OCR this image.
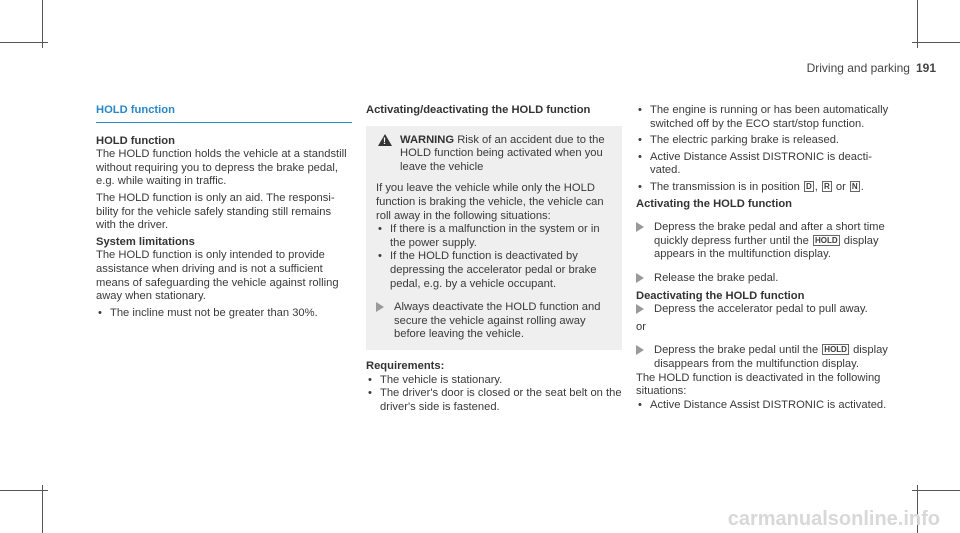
Driving and parking 191

HOLD function

HOLD function

The HOLD function holds the vehicle at a standstill without requiring you to depress the brake pedal, e.g. while waiting in traffic.

The HOLD function is only an aid. The responsibility for the vehicle safely standing still remains with the driver.

System limitations

The HOLD function is only intended to provide assistance when driving and is not a sufficient means of safeguarding the vehicle against rolling away when stationary.

• The incline must not be greater than 30%.

Activating/deactivating the HOLD function

!
WARNING Risk of an accident due to the HOLD function being activated when you leave the vehicle

If you leave the vehicle while only the HOLD function is braking the vehicle, the vehicle can roll away in the following situations:

• If there is a malfunction in the system or in the power supply.

• If the HOLD function is deactivated by depressing the accelerator pedal or brake pedal, e.g. by a vehicle occupant.

Always deactivate the HOLD function and secure the vehicle against rolling away before leaving the vehicle.

Requirements:

• The vehicle is stationary.

• The driver's door is closed or the seat belt on the driver's side is fastened.

• The engine is running or has been automatically switched off by the ECO start/stop function.

• The electric parking brake is released.

• Active Distance Assist DISTRONIC is deactivated.

• The transmission is in position D , R or N .

Activating the HOLD function

Depress the brake pedal and after a short time quickly depress further until the HOLD display appears in the multifunction display.

Release the brake pedal.

Deactivating the HOLD function

Depress the accelerator pedal to pull away.

or

Depress the brake pedal until the HOLD display disappears from the multifunction display.

The HOLD function is deactivated in the following situations:

• Active Distance Assist DISTRONIC is activated.

carmanualsonline.info
